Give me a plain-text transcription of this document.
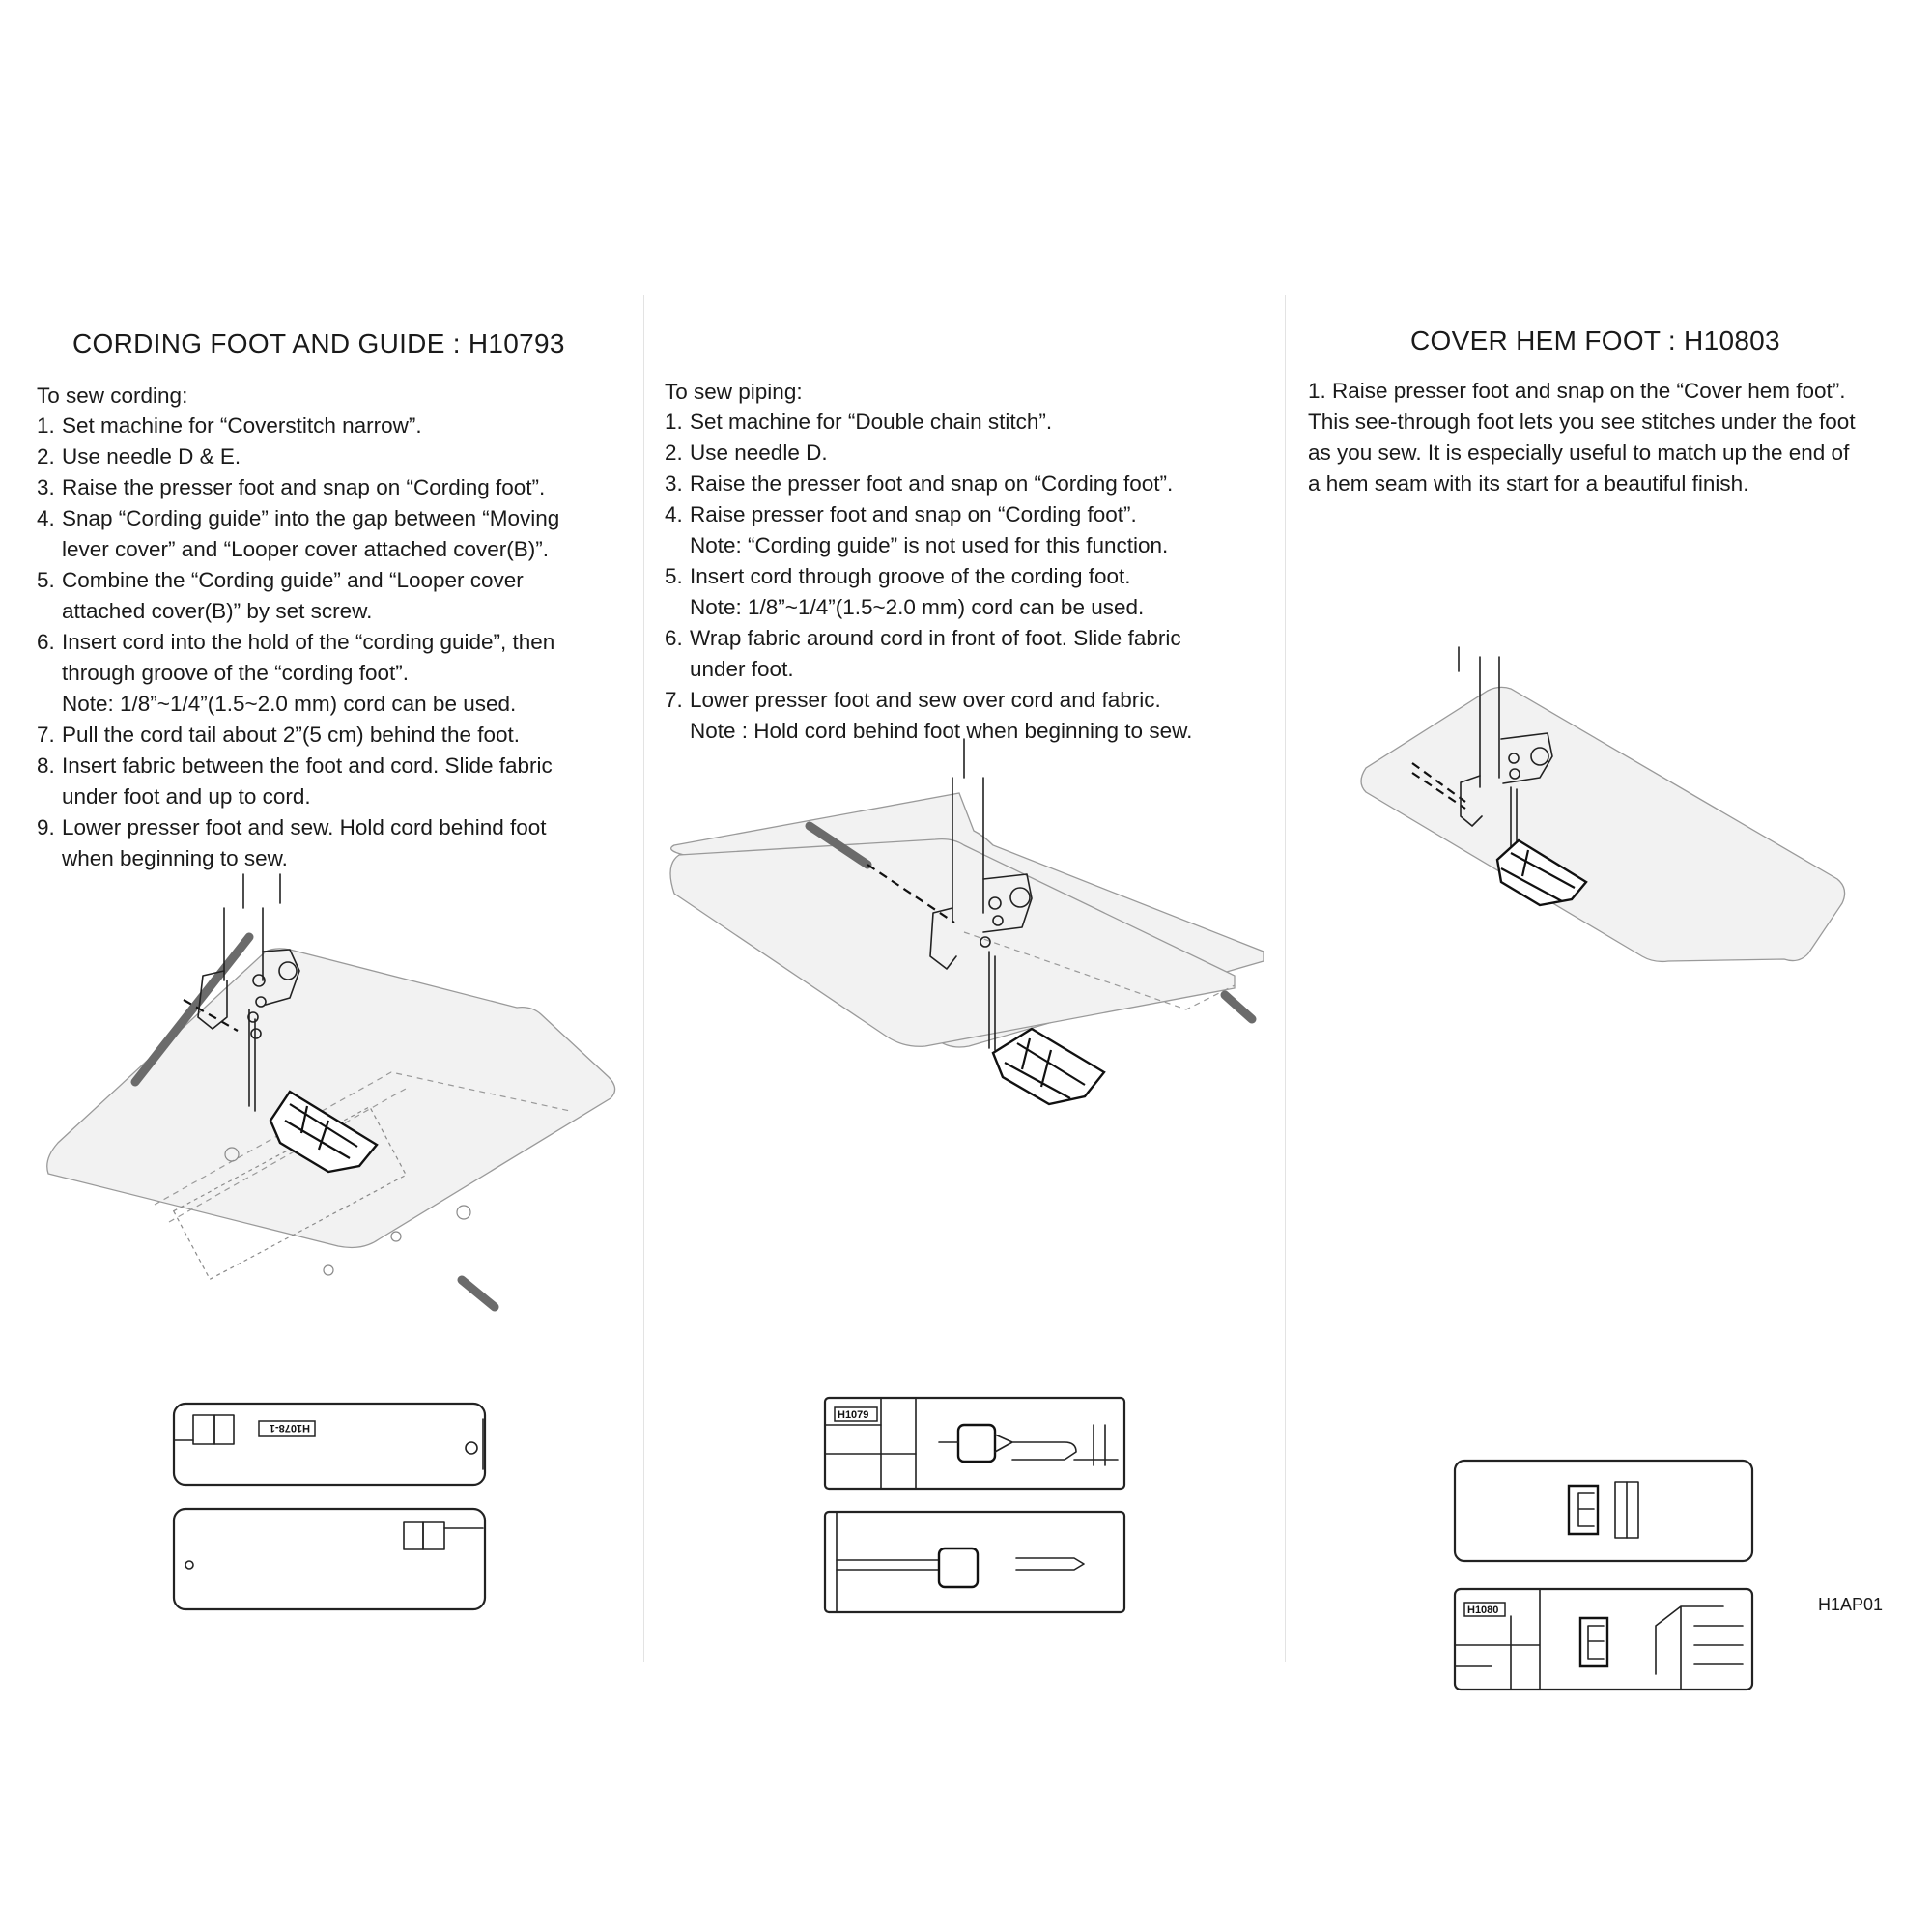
CORDING FOOT AND GUIDE : H10793

To sew cording:

1. Set machine for “Coverstitch narrow”.
2. Use needle D & E.
3. Raise the presser foot and snap on “Cording foot”.
4. Snap “Cording guide” into the gap between “Moving
lever cover” and “Looper cover attached cover(B)”.
5. Combine the “Cording guide” and “Looper cover
attached cover(B)” by set screw.
6. Insert cord into the hold of the “cording guide”, then
through groove of the “cording foot”.
Note: 1/8”~1/4”(1.5~2.0 mm) cord can be used.
7. Pull the cord tail about 2”(5 cm) behind the foot.
8. Insert fabric between the foot and cord. Slide fabric
under foot and up to cord.
9. Lower presser foot and sew. Hold cord behind foot
when beginning to sew.
H1078-1

To sew piping:

1. Set machine for “Double chain stitch”.
2. Use needle D.
3. Raise the presser foot and snap on “Cording foot”.
4. Raise presser foot and snap on “Cording foot”.
Note: “Cording guide” is not used for this function.
5. Insert cord through groove of the cording foot.
Note: 1/8”~1/4”(1.5~2.0 mm) cord can be used.
6. Wrap fabric around cord in front of foot. Slide fabric
under foot.
7. Lower presser foot and sew over cord and fabric.
Note : Hold cord behind foot when beginning to sew.
H1079
COVER HEM FOOT : H10803
1. Raise presser foot and snap on the “Cover hem foot”.
This see-through foot lets you see stitches under the foot
as you sew. It is especially useful to match up the end of
a hem seam with its start for a beautiful finish.
H1080	H1AP01
